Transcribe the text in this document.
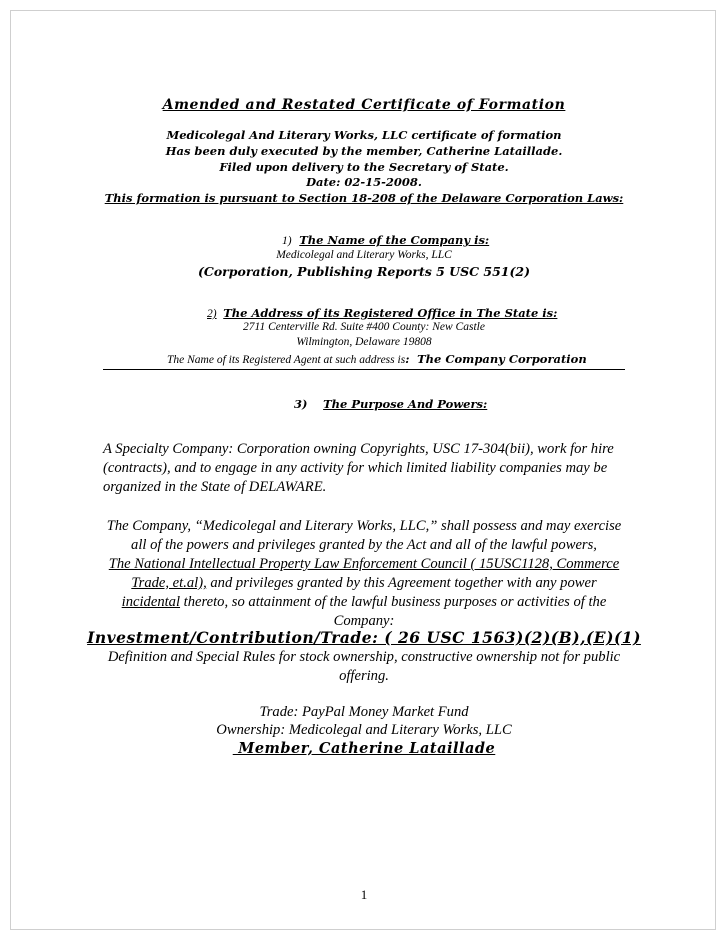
Amended and Restated Certificate of Formation
Medicolegal And Literary Works, LLC certificate of formation
Has been duly executed by the member, Catherine Lataillade.
Filed upon delivery to the Secretary of State.
Date: 02-15-2008.
This formation is pursuant to Section 18-208 of the Delaware Corporation Laws:
1) The Name of the Company is:
Medicolegal and Literary Works, LLC
(Corporation, Publishing Reports 5 USC 551(2)
2) The Address of its Registered Office in The State is:
2711 Centerville Rd. Suite #400 County: New Castle
Wilmington, Delaware 19808
The Name of its Registered Agent at such address is: The Company Corporation
3) The Purpose And Powers:
A Specialty Company: Corporation owning Copyrights, USC 17-304(bii), work for hire
(contracts), and to engage in any activity for which limited liability companies may be
organized in the State of DELAWARE.
The Company, “Medicolegal and Literary Works, LLC,” shall possess and may exercise
all of the powers and privileges granted by the Act and all of the lawful powers,
The National Intellectual Property Law Enforcement Council ( 15USC1128, Commerce
Trade, et.al), and privileges granted by this Agreement together with any power
incidental thereto, so attainment of the lawful business purposes or activities of the
Company:
Investment/Contribution/Trade: ( 26 USC 1563)(2)(B),(E)(1)
Definition and Special Rules for stock ownership, constructive ownership not for public
offering.
Trade: PayPal Money Market Fund
Ownership: Medicolegal and Literary Works, LLC
Member, Catherine Lataillade
1
